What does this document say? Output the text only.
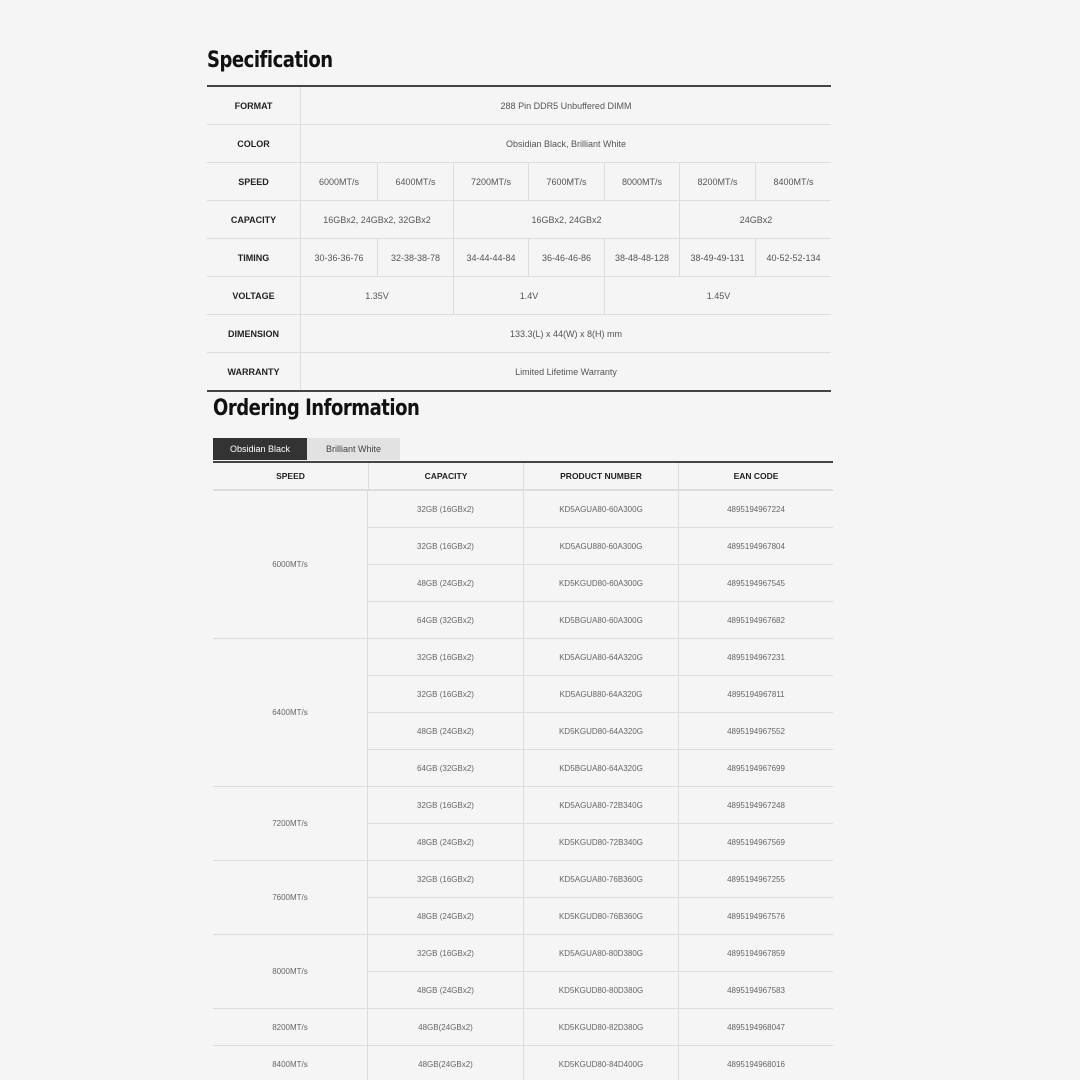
Specification
FORMAT	288 Pin DDR5 Unbuffered DIMM
COLOR	Obsidian Black, Brilliant White
SPEED	6000MT/s	6400MT/s	7200MT/s	7600MT/s	8000MT/s	8200MT/s	8400MT/s
CAPACITY	16GBx2, 24GBx2, 32GBx2	16GBx2, 24GBx2	24GBx2
TIMING	30-36-36-76	32-38-38-78	34-44-44-84	36-46-46-86	38-48-48-128	38-49-49-131	40-52-52-134
VOLTAGE	1.35V	1.4V	1.45V
DIMENSION	133.3(L) x 44(W) x 8(H) mm
WARRANTY	Limited Lifetime Warranty
Ordering Information
Obsidian Black	Brilliant White
SPEED	CAPACITY	PRODUCT NUMBER	EAN CODE
6000MT/s
32GB (16GBx2)	KD5AGUA80-60A300G	4895194967224
32GB (16GBx2)	KD5AGU880-60A300G	4895194967804
48GB (24GBx2)	KD5KGUD80-60A300G	4895194967545
64GB (32GBx2)	KD5BGUA80-60A300G	4895194967682
6400MT/s
32GB (16GBx2)	KD5AGUA80-64A320G	4895194967231
32GB (16GBx2)	KD5AGU880-64A320G	4895194967811
48GB (24GBx2)	KD5KGUD80-64A320G	4895194967552
64GB (32GBx2)	KD5BGUA80-64A320G	4895194967699
7200MT/s
32GB (16GBx2)	KD5AGUA80-72B340G	4895194967248
48GB (24GBx2)	KD5KGUD80-72B340G	4895194967569
7600MT/s
32GB (16GBx2)	KD5AGUA80-76B360G	4895194967255
48GB (24GBx2)	KD5KGUD80-76B360G	4895194967576
8000MT/s
32GB (16GBx2)	KD5AGUA80-80D380G	4895194967859
48GB (24GBx2)	KD5KGUD80-80D380G	4895194967583
8200MT/s	48GB(24GBx2)	KD5KGUD80-82D380G	4895194968047
8400MT/s	48GB(24GBx2)	KD5KGUD80-84D400G	4895194968016
